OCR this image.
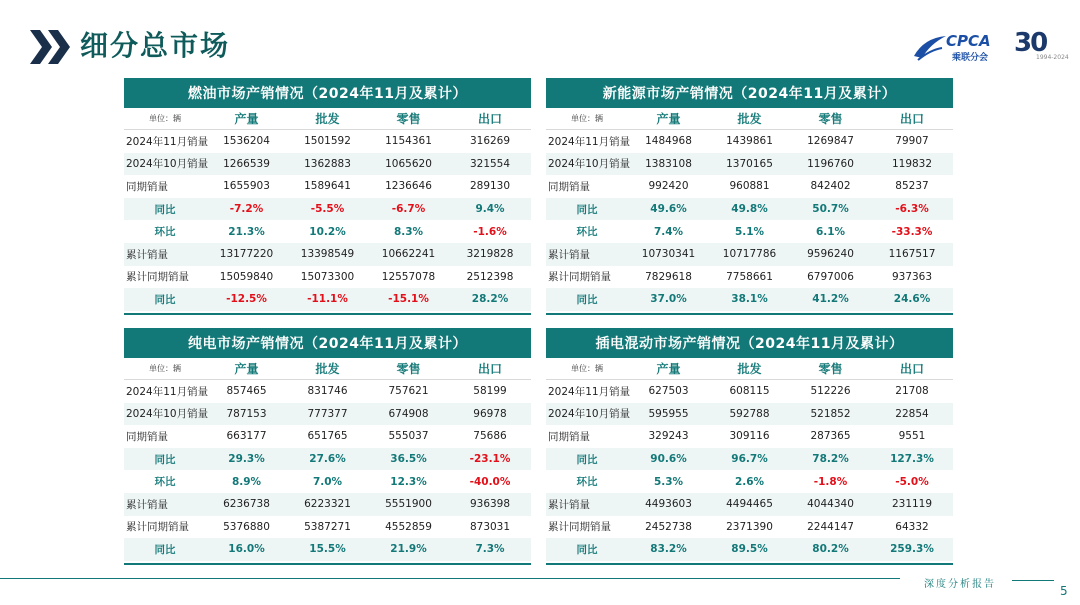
细分总市场	CPCA
乘联分会 30
1994-2024
燃油市场产销情况（2024年11月及累计）
单位：辆	产量	批发	零售	出口
2024年11月销量	1536204	1501592	1154361	316269
2024年10月销量	1266539	1362883	1065620	321554
同期销量	1655903	1589641	1236646	289130
同比	-7.2%	-5.5%	-6.7%	9.4%
环比	21.3%	10.2%	8.3%	-1.6%
累计销量	13177220	13398549	10662241	3219828
累计同期销量	15059840	15073300	12557078	2512398
同比	-12.5%	-11.1%	-15.1%	28.2%
新能源市场产销情况（2024年11月及累计）
单位：辆	产量	批发	零售	出口
2024年11月销量	1484968	1439861	1269847	79907
2024年10月销量	1383108	1370165	1196760	119832
同期销量	992420	960881	842402	85237
同比	49.6%	49.8%	50.7%	-6.3%
环比	7.4%	5.1%	6.1%	-33.3%
累计销量	10730341	10717786	9596240	1167517
累计同期销量	7829618	7758661	6797006	937363
同比	37.0%	38.1%	41.2%	24.6%
纯电市场产销情况（2024年11月及累计）
单位：辆	产量	批发	零售	出口
2024年11月销量	857465	831746	757621	58199
2024年10月销量	787153	777377	674908	96978
同期销量	663177	651765	555037	75686
同比	29.3%	27.6%	36.5%	-23.1%
环比	8.9%	7.0%	12.3%	-40.0%
累计销量	6236738	6223321	5551900	936398
累计同期销量	5376880	5387271	4552859	873031
同比	16.0%	15.5%	21.9%	7.3%
插电混动市场产销情况（2024年11月及累计）
单位：辆	产量	批发	零售	出口
2024年11月销量	627503	608115	512226	21708
2024年10月销量	595955	592788	521852	22854
同期销量	329243	309116	287365	9551
同比	90.6%	96.7%	78.2%	127.3%
环比	5.3%	2.6%	-1.8%	-5.0%
累计销量	4493603	4494465	4044340	231119
累计同期销量	2452738	2371390	2244147	64332
同比	83.2%	89.5%	80.2%	259.3%
深度分析报告	5
